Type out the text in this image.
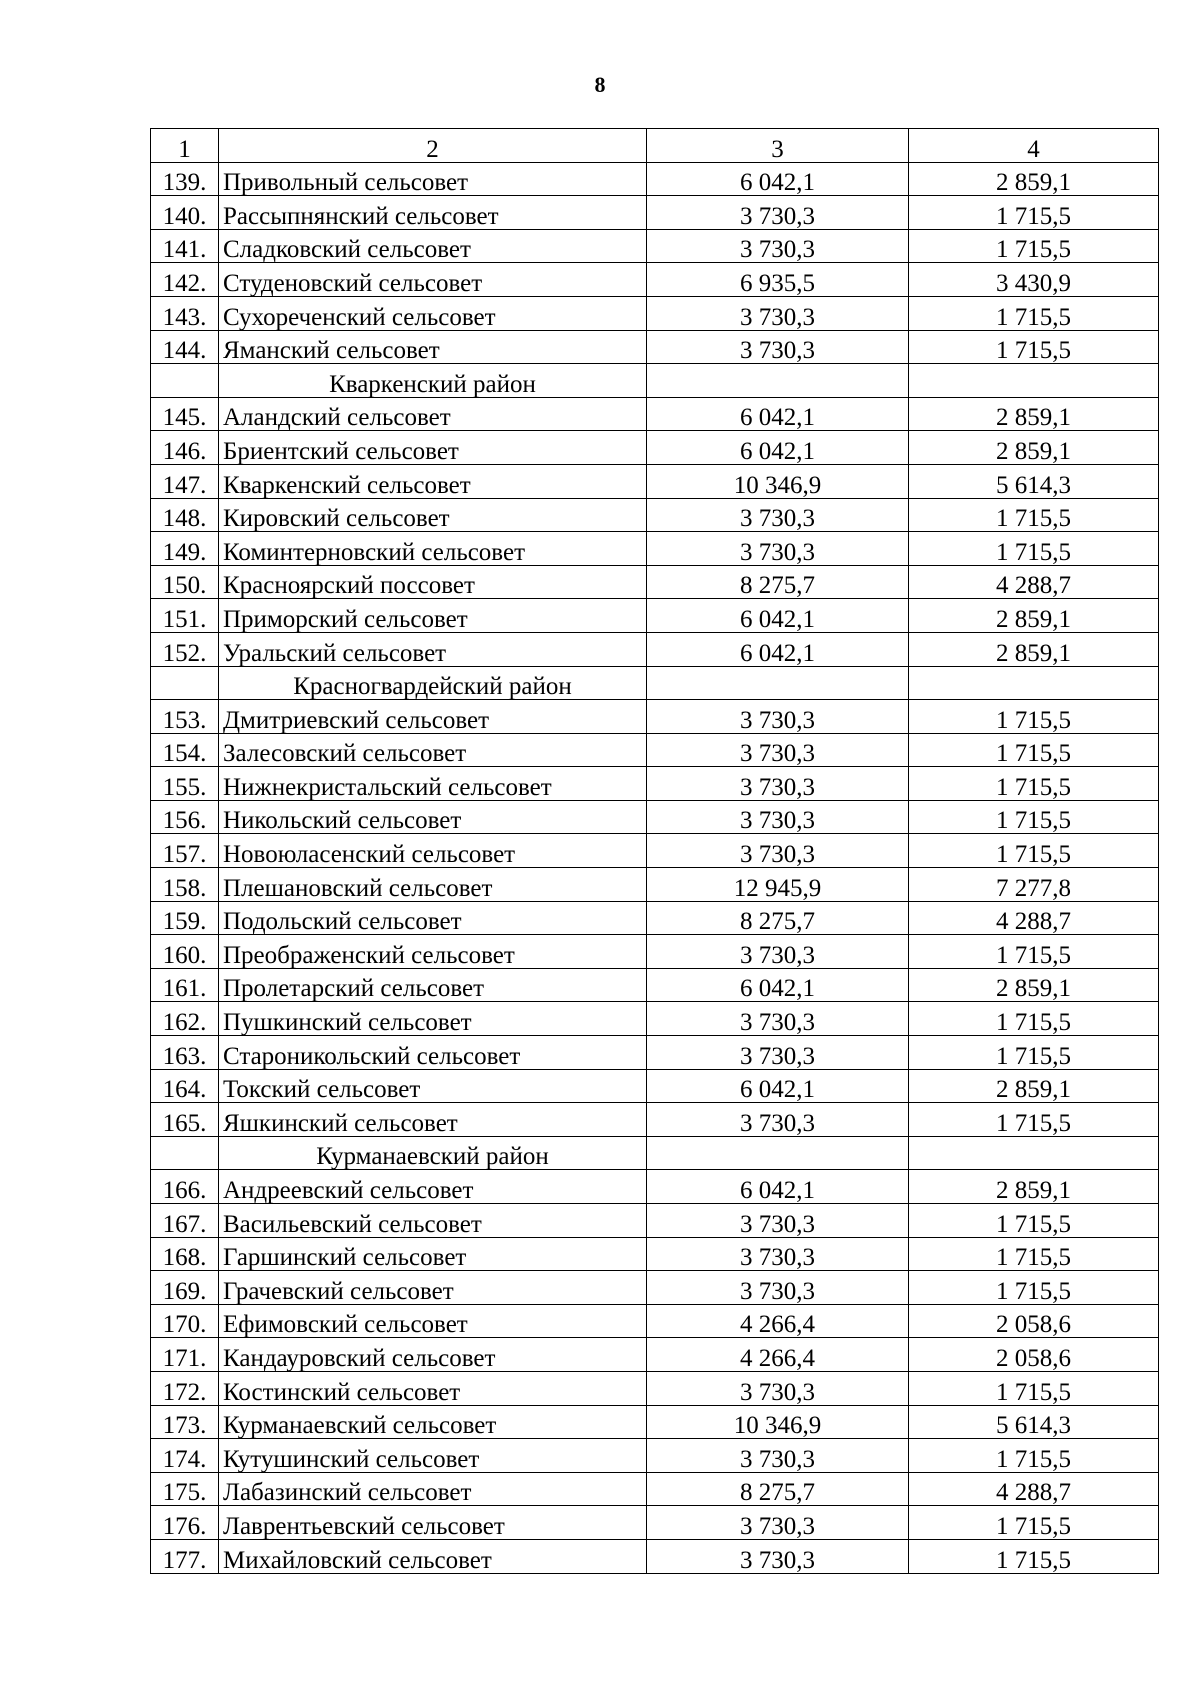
8
1	2	3	4
139.	Привольный сельсовет	6 042,1	2 859,1
140.	Рассыпнянский сельсовет	3 730,3	1 715,5
141.	Сладковский сельсовет	3 730,3	1 715,5
142.	Студеновский сельсовет	6 935,5	3 430,9
143.	Сухореченский сельсовет	3 730,3	1 715,5
144.	Яманский сельсовет	3 730,3	1 715,5
	Кваркенский район		
145.	Аландский сельсовет	6 042,1	2 859,1
146.	Бриентский сельсовет	6 042,1	2 859,1
147.	Кваркенский сельсовет	10 346,9	5 614,3
148.	Кировский сельсовет	3 730,3	1 715,5
149.	Коминтерновский сельсовет	3 730,3	1 715,5
150.	Красноярский поссовет	8 275,7	4 288,7
151.	Приморский сельсовет	6 042,1	2 859,1
152.	Уральский сельсовет	6 042,1	2 859,1
	Красногвардейский район		
153.	Дмитриевский сельсовет	3 730,3	1 715,5
154.	Залесовский сельсовет	3 730,3	1 715,5
155.	Нижнекристальский сельсовет	3 730,3	1 715,5
156.	Никольский сельсовет	3 730,3	1 715,5
157.	Новоюласенский сельсовет	3 730,3	1 715,5
158.	Плешановский сельсовет	12 945,9	7 277,8
159.	Подольский сельсовет	8 275,7	4 288,7
160.	Преображенский сельсовет	3 730,3	1 715,5
161.	Пролетарский сельсовет	6 042,1	2 859,1
162.	Пушкинский сельсовет	3 730,3	1 715,5
163.	Староникольский сельсовет	3 730,3	1 715,5
164.	Токский сельсовет	6 042,1	2 859,1
165.	Яшкинский сельсовет	3 730,3	1 715,5
	Курманаевский район		
166.	Андреевский сельсовет	6 042,1	2 859,1
167.	Васильевский сельсовет	3 730,3	1 715,5
168.	Гаршинский сельсовет	3 730,3	1 715,5
169.	Грачевский сельсовет	3 730,3	1 715,5
170.	Ефимовский сельсовет	4 266,4	2 058,6
171.	Кандауровский сельсовет	4 266,4	2 058,6
172.	Костинский сельсовет	3 730,3	1 715,5
173.	Курманаевский сельсовет	10 346,9	5 614,3
174.	Кутушинский сельсовет	3 730,3	1 715,5
175.	Лабазинский сельсовет	8 275,7	4 288,7
176.	Лаврентьевский сельсовет	3 730,3	1 715,5
177.	Михайловский сельсовет	3 730,3	1 715,5
